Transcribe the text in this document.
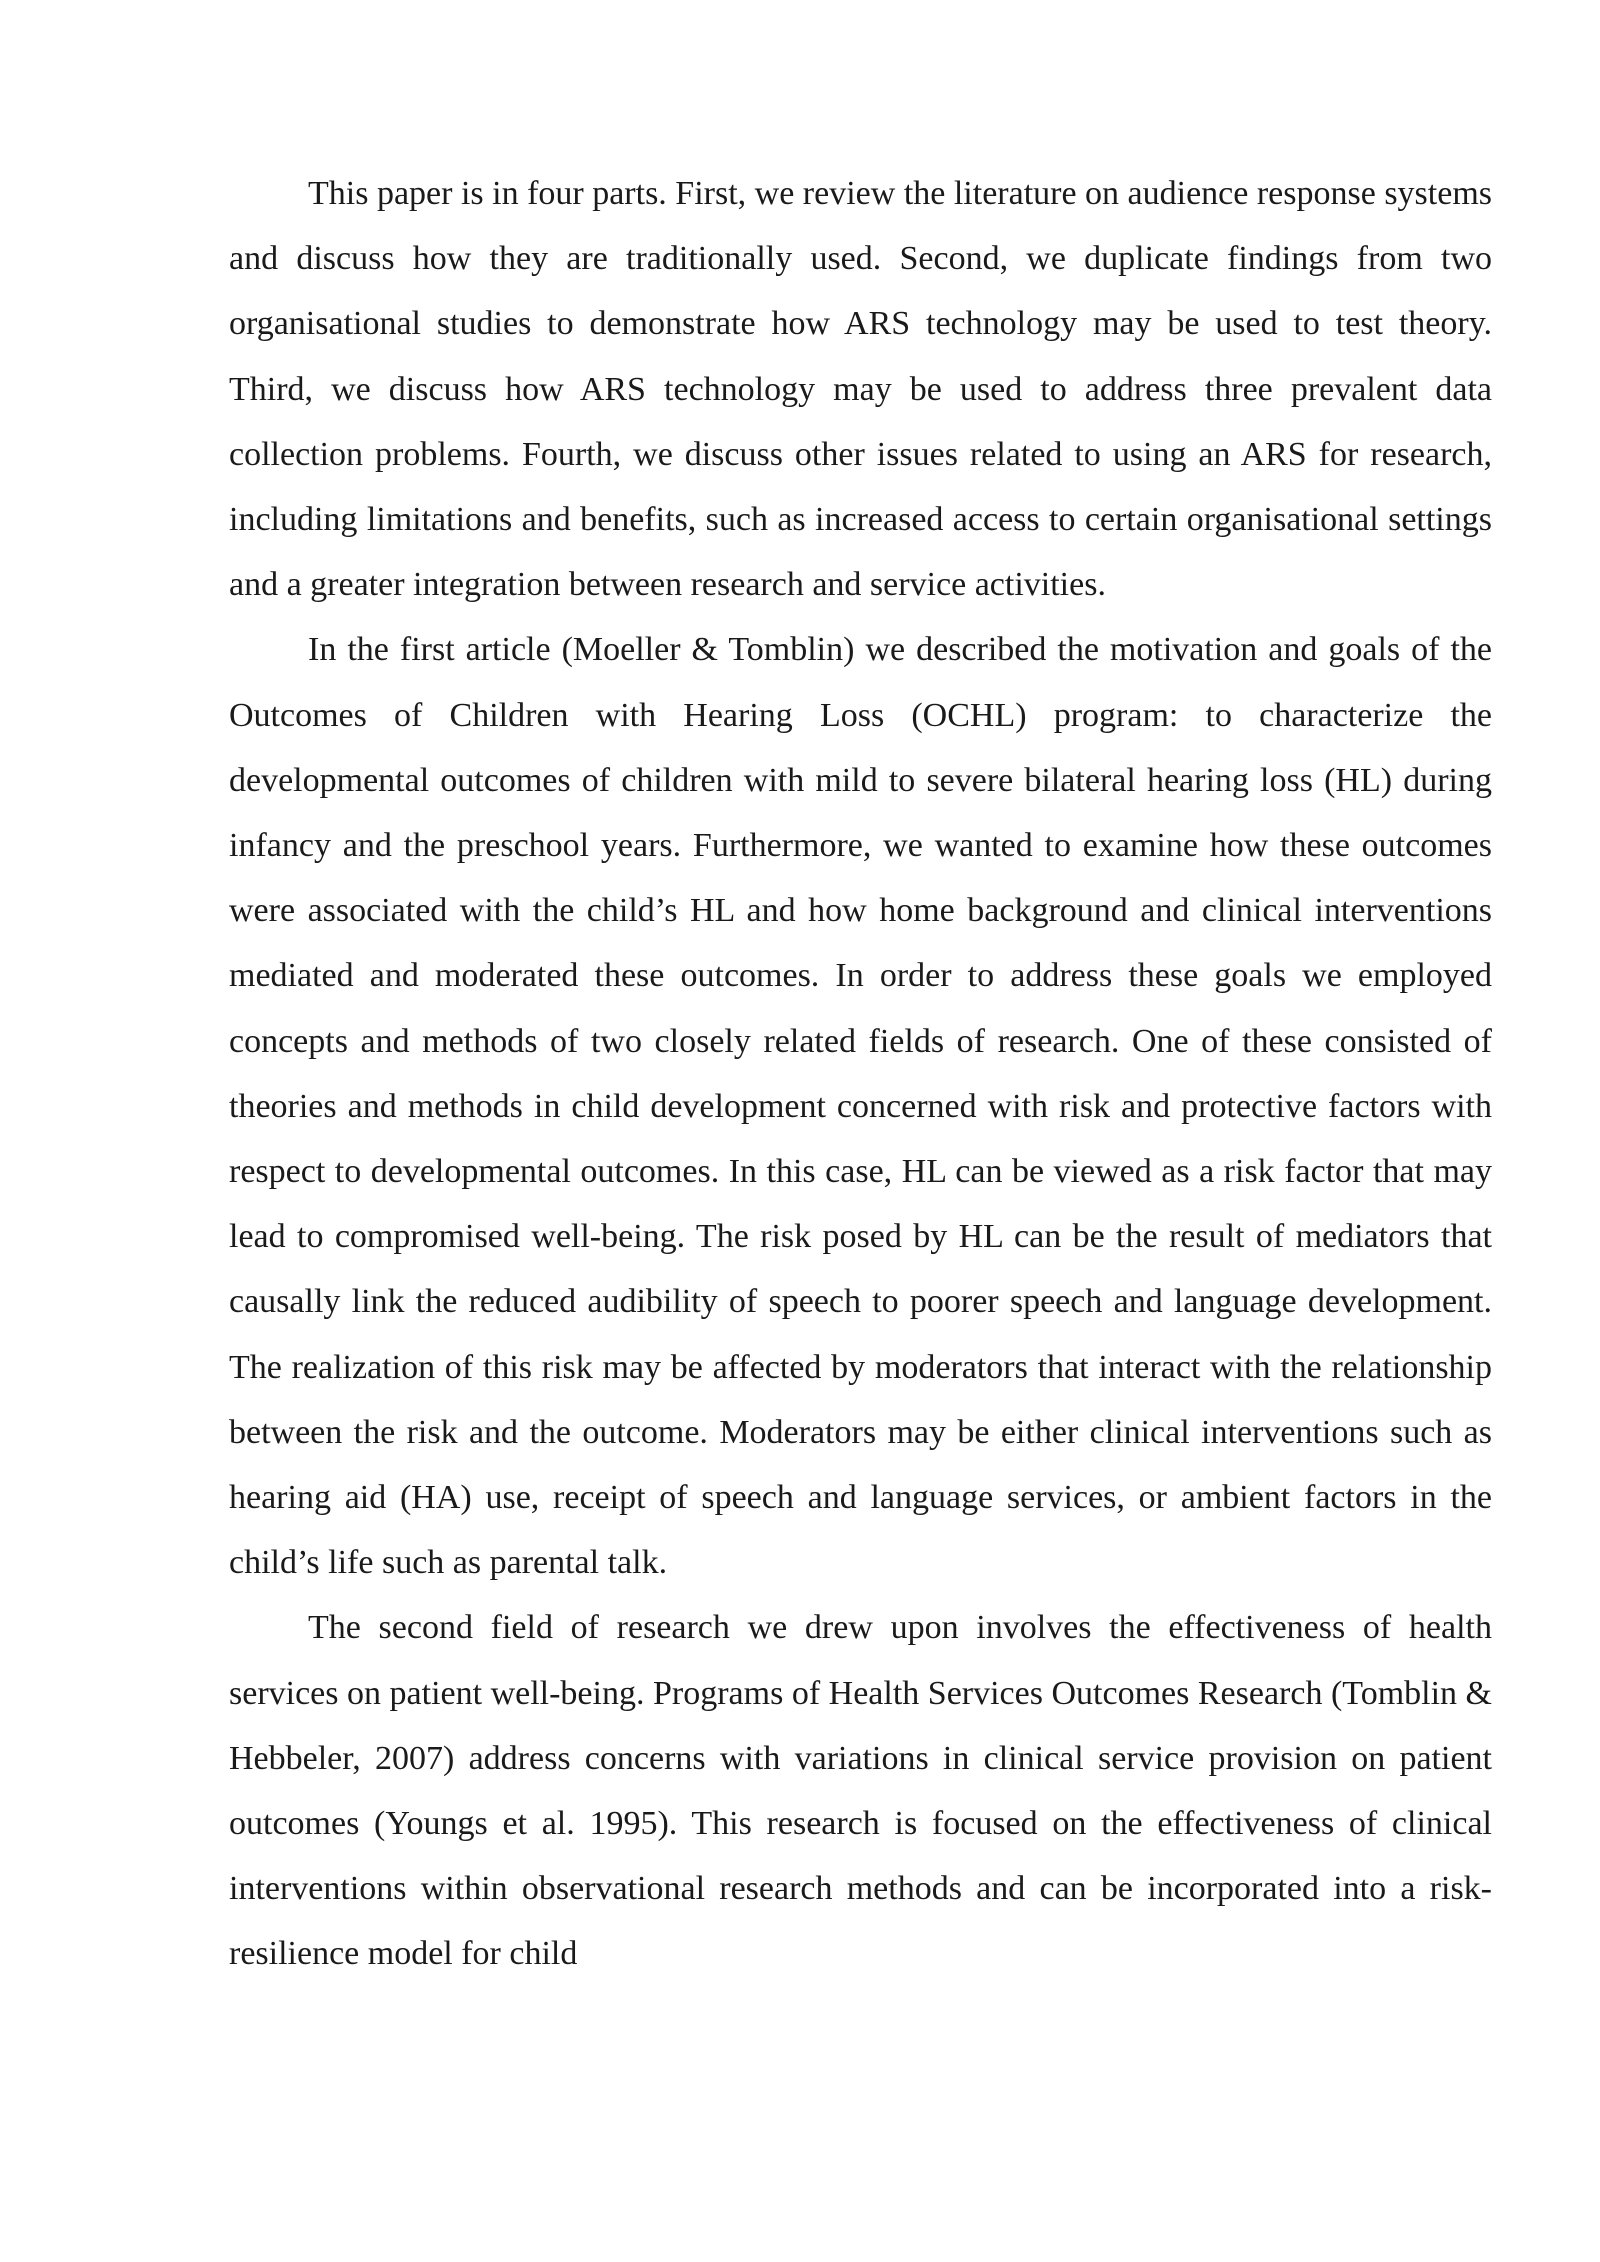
This paper is in four parts. First, we review the literature on audience response systems and discuss how they are traditionally used. Second, we duplicate findings from two organisational studies to demonstrate how ARS technology may be used to test theory. Third, we discuss how ARS technology may be used to address three prevalent data collection problems. Fourth, we discuss other issues related to using an ARS for research, including limitations and benefits, such as increased access to certain organisational settings and a greater integration between research and service activities.

In the first article (Moeller & Tomblin) we described the motivation and goals of the Outcomes of Children with Hearing Loss (OCHL) program: to characterize the developmental outcomes of children with mild to severe bilateral hearing loss (HL) during infancy and the preschool years. Furthermore, we wanted to examine how these outcomes were associated with the child’s HL and how home background and clinical interventions mediated and moderated these outcomes. In order to address these goals we employed concepts and methods of two closely related fields of research. One of these consisted of theories and methods in child development concerned with risk and protective factors with respect to developmental outcomes. In this case, HL can be viewed as a risk factor that may lead to compromised well-being. The risk posed by HL can be the result of mediators that causally link the reduced audibility of speech to poorer speech and language development. The realization of this risk may be affected by moderators that interact with the relationship between the risk and the outcome. Moderators may be either clinical interventions such as hearing aid (HA) use, receipt of speech and language services, or ambient factors in the child’s life such as parental talk.

The second field of research we drew upon involves the effectiveness of health services on patient well-being. Programs of Health Services Outcomes Research (Tomblin & Hebbeler, 2007) address concerns with variations in clinical service provision on patient outcomes (Youngs et al. 1995). This research is focused on the effectiveness of clinical interventions within observational research methods and can be incorporated into a risk- resilience model for child
